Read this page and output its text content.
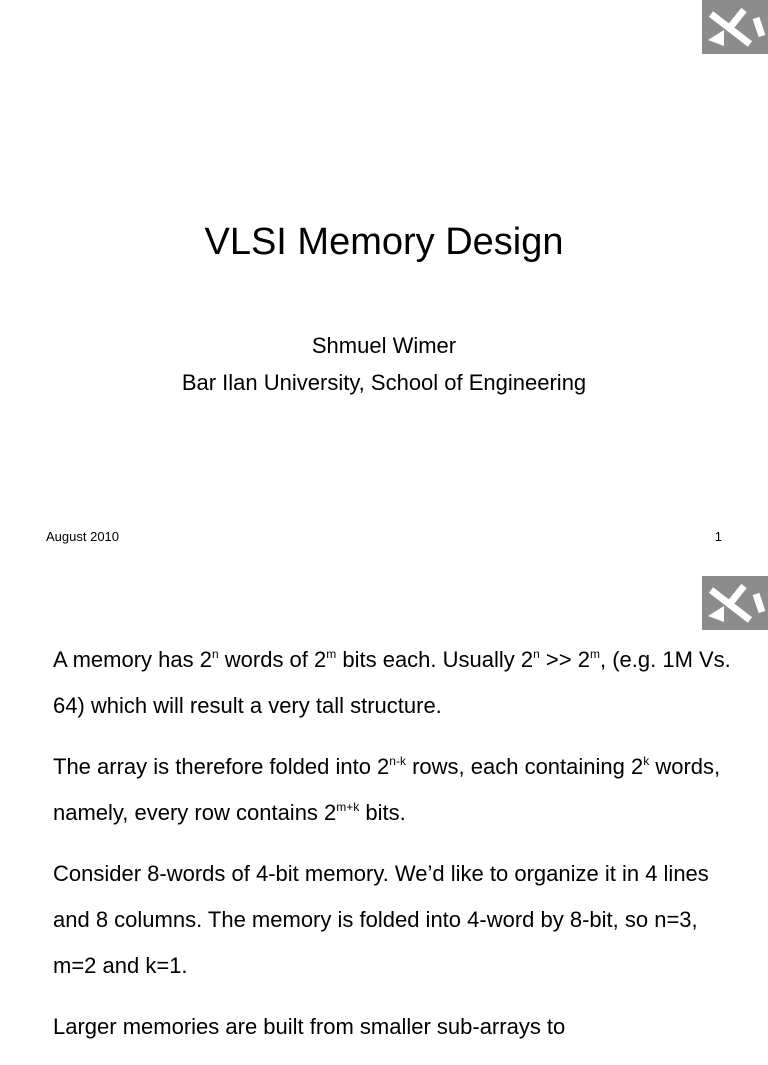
VLSI Memory Design
Shmuel Wimer
Bar Ilan University, School of Engineering
August 2010	1

A memory has 2$^n$ words of 2$^m$ bits each. Usually $2^n >> 2^m$, (e.g. 1M Vs. 64) which will result a very tall structure.

The array is therefore folded into 2$^{n-k}$ rows, each containing 2$^k$ words, namely, every row contains $2^{m+k}$ bits.

Consider 8-words of 4-bit memory. We’d like to organize it in 4 lines and 8 columns. The memory is folded into 4-word by 8-bit, so n=3, m=2 and k=1.

Larger memories are built from smaller sub-arrays to
